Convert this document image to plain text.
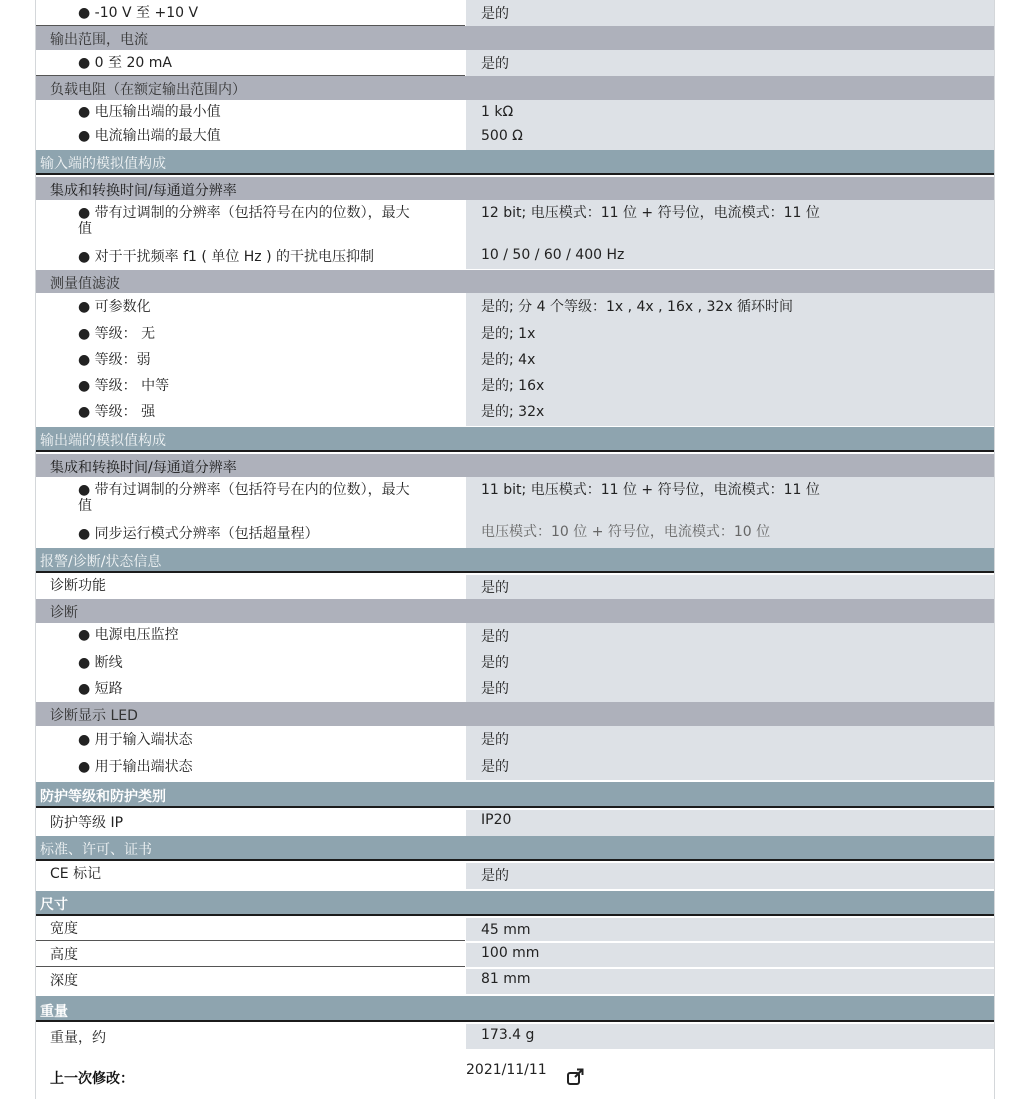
● -10 V 至 +10 V	是的
输出范围，电流
● 0 至 20 mA	是的
负载电阻（在额定输出范围内）
● 电压输出端的最小值	1 kΩ
● 电流输出端的最大值	500 Ω
输入端的模拟值构成
集成和转换时间/每通道分辨率
● 带有过调制的分辨率（包括符号在内的位数），最大
值
12 bit; 电压模式：11 位 + 符号位，电流模式：11 位
● 对于干扰频率 f1 ( 单位 Hz ) 的干扰电压抑制	10 / 50 / 60 / 400 Hz
测量值滤波
● 可参数化	是的; 分 4 个等级：1x , 4x , 16x , 32x 循环时间
● 等级： 无	是的; 1x
● 等级：弱	是的; 4x
● 等级： 中等	是的; 16x
● 等级： 强	是的; 32x
输出端的模拟值构成
集成和转换时间/每通道分辨率
● 带有过调制的分辨率（包括符号在内的位数），最大
值
11 bit; 电压模式：11 位 + 符号位，电流模式：11 位
● 同步运行模式分辨率（包括超量程）	电压模式：10 位 + 符号位，电流模式：10 位
报警/诊断/状态信息
诊断功能	是的
诊断
● 电源电压监控	是的
● 断线	是的
● 短路	是的
诊断显示 LED
● 用于输入端状态	是的
● 用于输出端状态	是的
防护等级和防护类别
防护等级 IP	IP20
标准、许可、证书
CE 标记	是的
尺寸
宽度	45 mm
高度	100 mm
深度	81 mm
重量
重量，约	173.4 g
上一次修改：
2021/11/11
